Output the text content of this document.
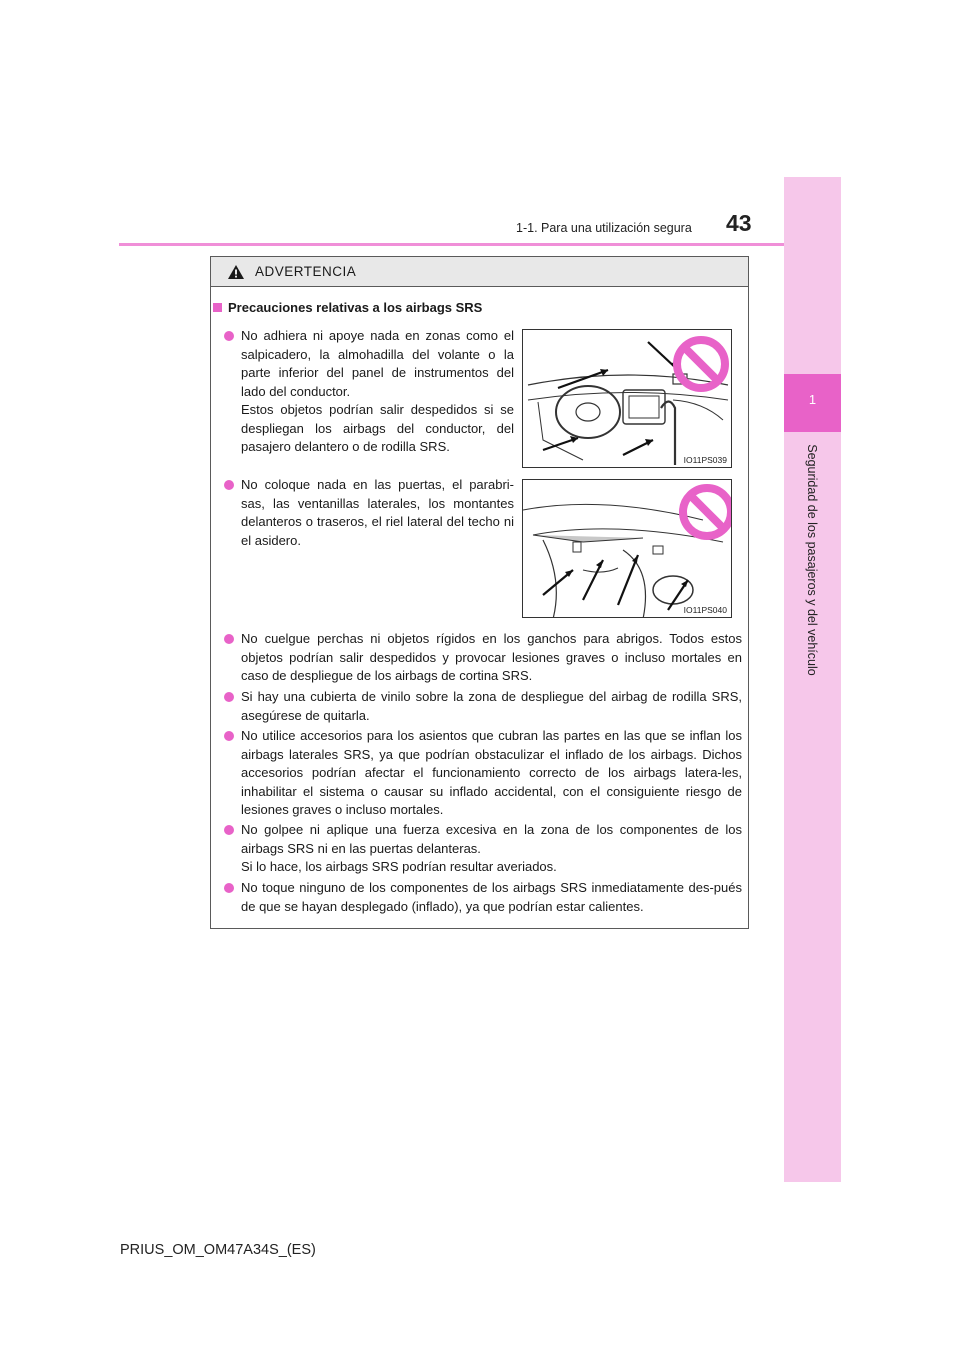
1
Seguridad de los pasajeros y del vehículo
1-1. Para una utilización segura 43
ADVERTENCIA
Precauciones relativas a los airbags SRS
No adhiera ni apoye nada en zonas como el salpicadero, la almohadilla del volante o la parte inferior del panel de instrumentos del lado del conductor.
Estos objetos podrían salir despedidos si se despliegan los airbags del conductor, del pasajero delantero o de rodilla SRS.
IO11PS039
No coloque nada en las puertas, el parabri-sas, las ventanillas laterales, los montantes delanteros o traseros, el riel lateral del techo ni el asidero.
IO11PS040
No cuelgue perchas ni objetos rígidos en los ganchos para abrigos. Todos estos objetos podrían salir despedidos y provocar lesiones graves o incluso mortales en caso de despliegue de los airbags de cortina SRS.
Si hay una cubierta de vinilo sobre la zona de despliegue del airbag de rodilla SRS, asegúrese de quitarla.
No utilice accesorios para los asientos que cubran las partes en las que se inflan los airbags laterales SRS, ya que podrían obstaculizar el inflado de los airbags. Dichos accesorios podrían afectar el funcionamiento correcto de los airbags latera-les, inhabilitar el sistema o causar su inflado accidental, con el consiguiente riesgo de lesiones graves o incluso mortales.
No golpee ni aplique una fuerza excesiva en la zona de los componentes de los airbags SRS ni en las puertas delanteras.
Si lo hace, los airbags SRS podrían resultar averiados.
No toque ninguno de los componentes de los airbags SRS inmediatamente des-pués de que se hayan desplegado (inflado), ya que podrían estar calientes.
PRIUS_OM_OM47A34S_(ES)
